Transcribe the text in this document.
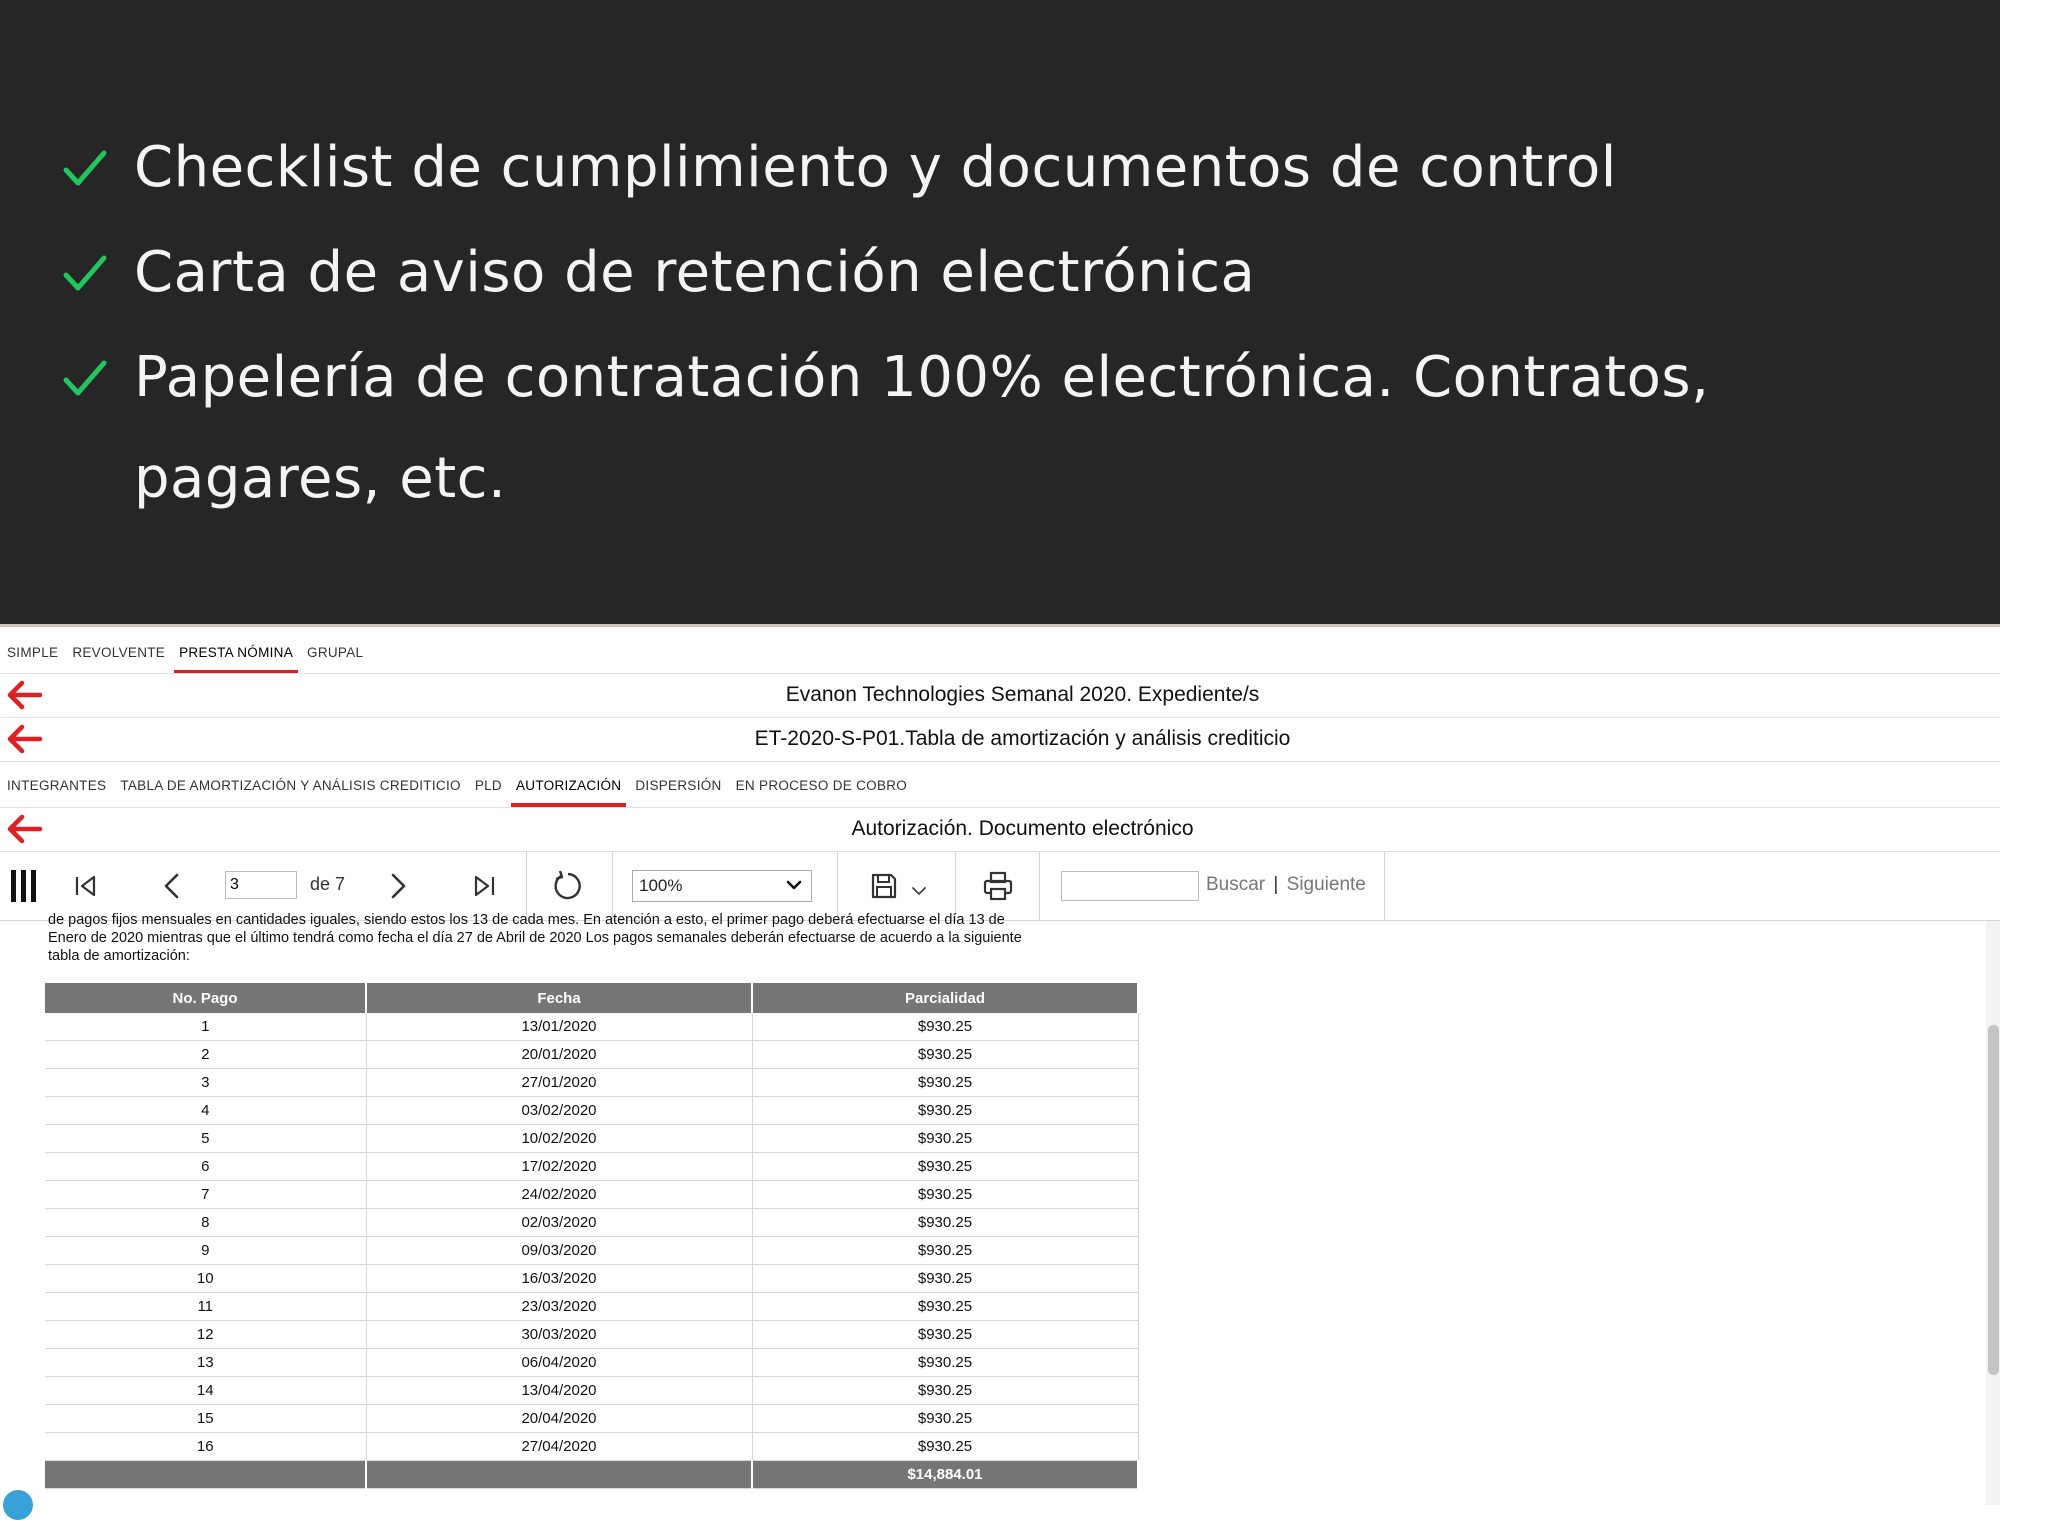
Checklist de cumplimiento y documentos de control
Carta de aviso de retención electrónica
Papelería de contratación 100% electrónica. Contratos,
pagares, etc.
SIMPLE	REVOLVENTE	PRESTA NÓMINA	GRUPAL
Evanon Technologies Semanal 2020. Expediente/s
ET-2020-S-P01.Tabla de amortización y análisis crediticio
INTEGRANTES	TABLA DE AMORTIZACIÓN Y ANÁLISIS CREDITICIO	PLD	AUTORIZACIÓN	DISPERSIÓN	EN PROCESO DE COBRO
Autorización. Documento electrónico
3
de 7	100%	Buscar | Siguiente
de pagos fijos mensuales en cantidades iguales, siendo estos los 13 de cada mes. En atención a esto, el primer pago deberá efectuarse el día 13 de
Enero de 2020 mientras que el último tendrá como fecha el día 27 de Abril de 2020 Los pagos semanales deberán efectuarse de acuerdo a la siguiente
tabla de amortización:
No. Pago	Fecha	Parcialidad
1	13/01/2020	$930.25
2	20/01/2020	$930.25
3	27/01/2020	$930.25
4	03/02/2020	$930.25
5	10/02/2020	$930.25
6	17/02/2020	$930.25
7	24/02/2020	$930.25
8	02/03/2020	$930.25
9	09/03/2020	$930.25
10	16/03/2020	$930.25
11	23/03/2020	$930.25
12	30/03/2020	$930.25
13	06/04/2020	$930.25
14	13/04/2020	$930.25
15	20/04/2020	$930.25
16	27/04/2020	$930.25
		$14,884.01
